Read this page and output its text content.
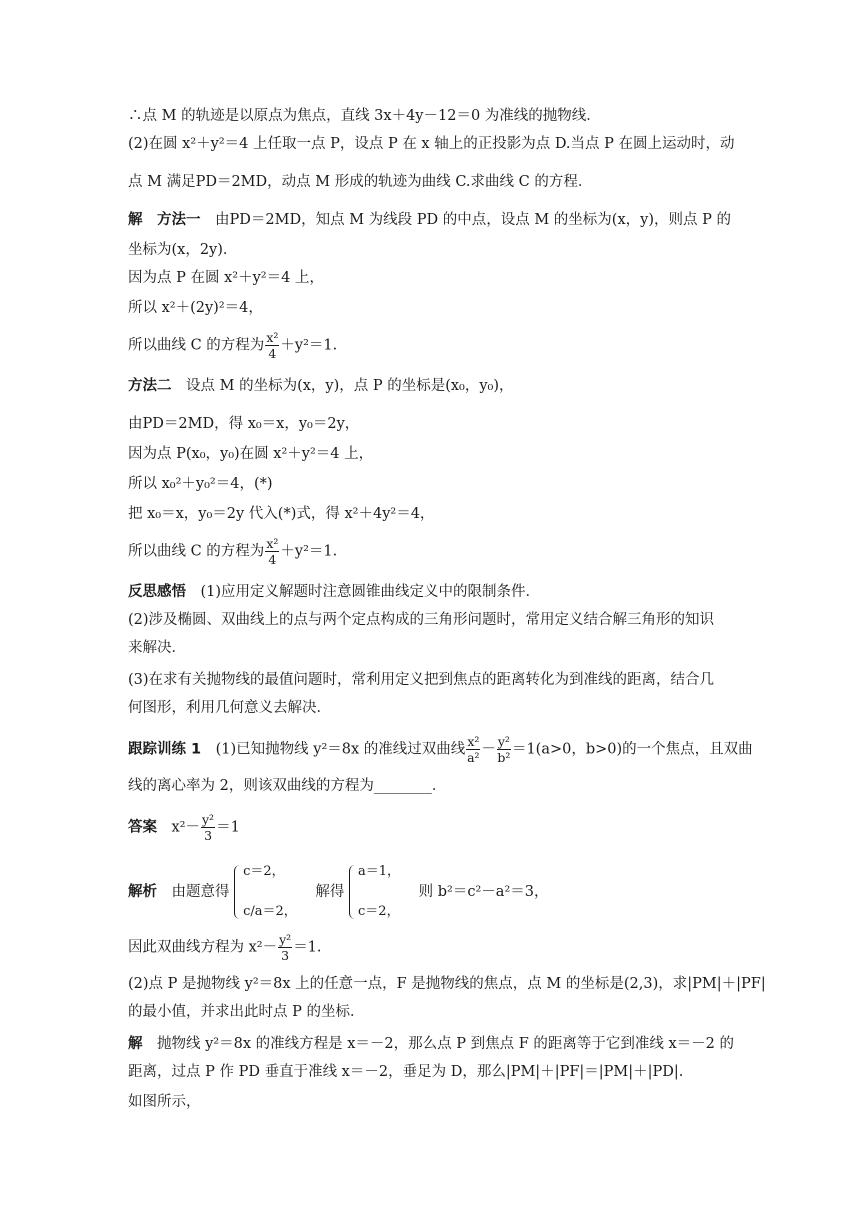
∴点 M 的轨迹是以原点为焦点，直线 3x＋4y－12＝0 为准线的抛物线．
(2)在圆 x²＋y²＝4 上任取一点 P，设点 P 在 x 轴上的正投影为点 D.当点 P 在圆上运动时，动
点 M 满足PD＝2MD，动点 M 形成的轨迹为曲线 C.求曲线 C 的方程．
解　方法一　由PD＝2MD，知点 M 为线段 PD 的中点，设点 M 的坐标为(x，y)，则点 P 的
坐标为(x，2y)．
因为点 P 在圆 x²＋y²＝4 上，
所以 x²＋(2y)²＝4，
所以曲线 C 的方程为 $\frac{\text{x²}}{4} +y^2=1$.
方法二　设点 M 的坐标为(x，y)，点 P 的坐标是(x₀，y₀)，
由PD＝2MD，得 x₀＝x，y₀＝2y，
因为点 P(x₀，y₀)在圆 x²＋y²＝4 上，
所以 x₀²＋y₀²＝4，(*)
把 x₀＝x，y₀＝2y 代入(*)式，得 x²＋4y²＝4，
所以曲线 C 的方程为 $\frac{\text{x²}}{4} +y^2=1$.
反思感悟　(1)应用定义解题时注意圆锥曲线定义中的限制条件．
(2)涉及椭圆、双曲线上的点与两个定点构成的三角形问题时，常用定义结合解三角形的知识
来解决．
(3)在求有关抛物线的最值问题时，常利用定义把到焦点的距离转化为到准线的距离，结合几
何图形，利用几何意义去解决．
跟踪训练 1　(1)已知抛物线 y²＝8x 的准线过双曲线 $\frac{\text{x²}}{\text{a²}} - \frac{\text{y²}}{\text{b²}} =1(a>0$，b>0)的一个焦点，且双曲
线的离心率为 2，则该双曲线的方程为________．
答案　$x^2- \frac{\text{y²}}{3} =1$
解析　由题意得
c＝2，
c/a＝2，
解得
a＝1，
c＝2，
则 b²＝c²－a²＝3，
因此双曲线方程为 $x^2- \frac{\text{y²}}{3} =1$.
(2)点 P 是抛物线 y²＝8x 上的任意一点，F 是抛物线的焦点，点 M 的坐标是(2,3)，求|PM|＋|PF|
的最小值，并求出此时点 P 的坐标．
解　抛物线 y²＝8x 的准线方程是 x＝－2，那么点 P 到焦点 F 的距离等于它到准线 x＝－2 的
距离，过点 P 作 PD 垂直于准线 x＝－2，垂足为 D，那么|PM|＋|PF|＝|PM|＋|PD|.
如图所示，
